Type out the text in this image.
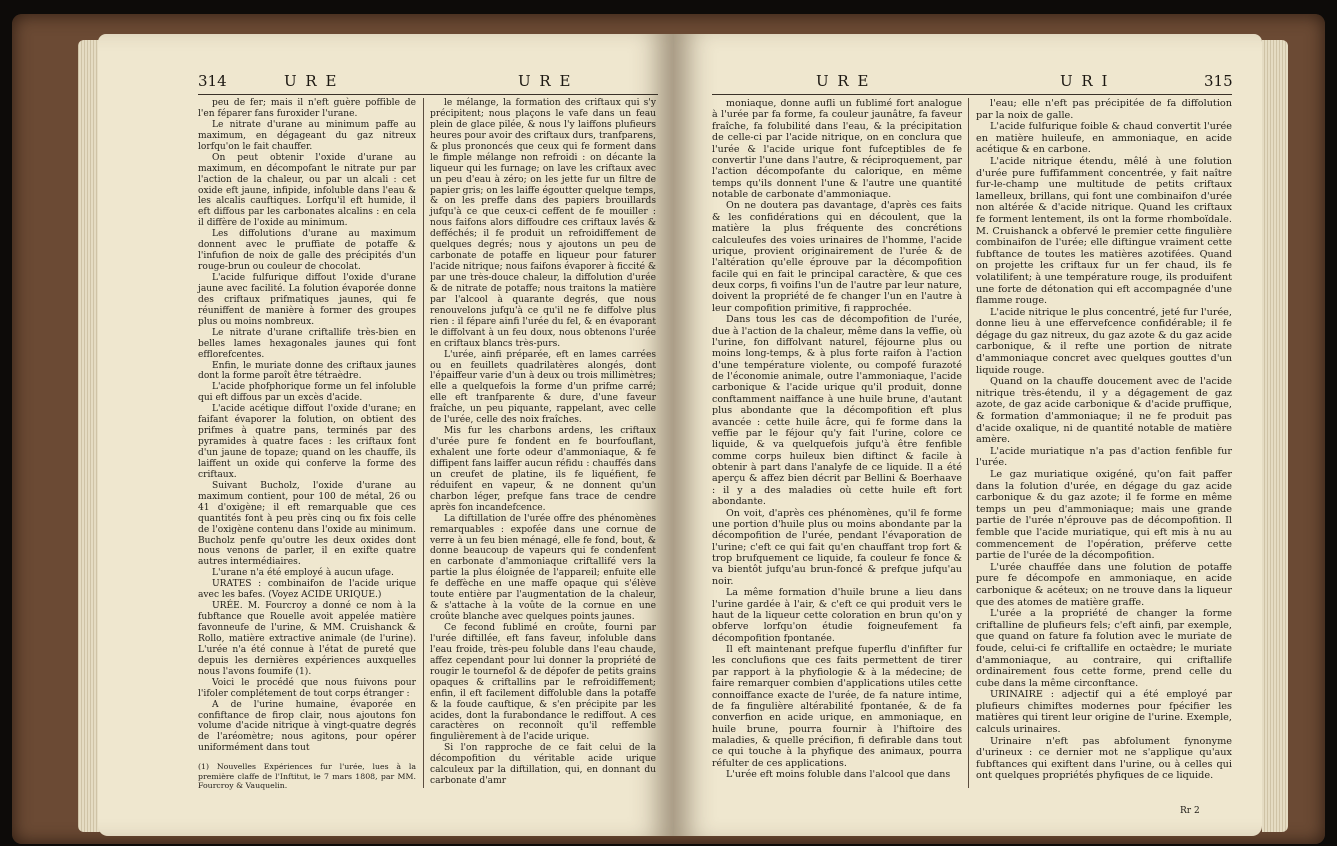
314	U R E	U R E

peu de fer; mais il n'eft guère poffible de l'en féparer fans furoxider l'urane.

Le nitrate d'urane au minimum paffe au maximum, en dégageant du gaz nitreux lorfqu'on le fait chauffer.

On peut obtenir l'oxide d'urane au maximum, en décompofant le nitrate pur par l'action de la chaleur, ou par un alcali : cet oxide eft jaune, infipide, infoluble dans l'eau & les alcalis cauftiques. Lorfqu'il eft humide, il eft diffous par les carbonates alcalins : en cela il diffère de l'oxide au minimum.

Les diffolutions d'urane au maximum donnent avec le pruffiate de potaffe & l'infufion de noix de galle des précipités d'un rouge-brun ou couleur de chocolat.

L'acide fulfurique diffout l'oxide d'urane jaune avec facilité. La folution évaporée donne des criftaux prifmatiques jaunes, qui fe réuniffent de manière à former des groupes plus ou moins nombreux.

Le nitrate d'urane criftallife très-bien en belles lames hexagonales jaunes qui font efflorefcentes.

Enfin, le muriate donne des criftaux jaunes dont la forme paroît être tétraèdre.

L'acide phofphorique forme un fel infoluble qui eft diffous par un excès d'acide.

L'acide acétique diffout l'oxide d'urane; en faifant évaporer la folution, on obtient des prifmes à quatre pans, terminés par des pyramides à quatre faces : les criftaux font d'un jaune de topaze; quand on les chauffe, ils laiffent un oxide qui conferve la forme des criftaux.

Suivant Bucholz, l'oxide d'urane au maximum contient, pour 100 de métal, 26 ou 41 d'oxigène; il eft remarquable que ces quantités font à peu près cinq ou fix fois celle de l'oxigène contenu dans l'oxide au minimum. Bucholz penfe qu'outre les deux oxides dont nous venons de parler, il en exifte quatre autres intermédiaires.

L'urane n'a été employé à aucun ufage.

URATES : combinaifon de l'acide urique avec les bafes. (Voyez ACIDE URIQUE.)

URÉE. M. Fourcroy a donné ce nom à la fubftance que Rouelle avoit appelée matière favonneufe de l'urine, & MM. Cruishanck & Rollo, matière extractive animale (de l'urine). L'urée n'a été connue à l'état de pureté que depuis les dernières expériences auxquelles nous l'avons foumife (1).

Voici le procédé que nous fuivons pour l'ifoler complétement de tout corps étranger :

A de l'urine humaine, évaporée en confiftance de firop clair, nous ajoutons fon volume d'acide nitrique à vingt-quatre degrés de l'aréomètre; nous agitons, pour opérer uniformément dans tout

(1) Nouvelles Expériences fur l'urée, lues à la première claffe de l'Inftitut, le 7 mars 1808, par MM. Fourcroy & Vauquelin.

le mélange, la formation des criftaux qui s'y précipitent; nous plaçons le vafe dans un feau plein de glace pilée, & nous l'y laiffons plufieurs heures pour avoir des criftaux durs, tranfparens, & plus prononcés que ceux qui fe forment dans le fimple mélange non refroidi : on décante la liqueur qui les furnage; on lave les criftaux avec un peu d'eau à zéro; on les jette fur un filtre de papier gris; on les laiffe égoutter quelque temps, & on les preffe dans des papiers brouillards jufqu'à ce que ceux-ci ceffent de fe mouiller : nous faifons alors diffoudre ces criftaux lavés & defféchés; il fe produit un refroidiffement de quelques degrés; nous y ajoutons un peu de carbonate de potaffe en liqueur pour faturer l'acide nitrique; nous faifons évaporer à ficcité & par une très-douce chaleur, la diffolution d'urée & de nitrate de potaffe; nous traitons la matière par l'alcool à quarante degrés, que nous renouvelons jufqu'à ce qu'il ne fe diffolve plus rien : il fépare ainfi l'urée du fel, & en évaporant le diffolvant à un feu doux, nous obtenons l'urée en criftaux blancs très-purs.

L'urée, ainfi préparée, eft en lames carrées ou en feuillets quadrilatères alongés, dont l'épaiffeur varie d'un à deux ou trois millimètres; elle a quelquefois la forme d'un prifme carré; elle eft tranfparente & dure, d'une faveur fraîche, un peu piquante, rappelant, avec celle de l'urée, celle des noix fraîches.

Mis fur les charbons ardens, les criftaux d'urée pure fe fondent en fe bourfouflant, exhalent une forte odeur d'ammoniaque, & fe diffipent fans laiffer aucun réfidu : chauffés dans un creufet de platine, ils fe liquéfient, fe réduifent en vapeur, & ne donnent qu'un charbon léger, prefque fans trace de cendre après fon incandefcence.

La diftillation de l'urée offre des phénomènes remarquables : expofée dans une cornue de verre à un feu bien ménagé, elle fe fond, bout, & donne beaucoup de vapeurs qui fe condenfent en carbonate d'ammoniaque criftallifé vers la partie la plus éloignée de l'appareil; enfuite elle fe deffèche en une maffe opaque qui s'élève toute entière par l'augmentation de la chaleur, & s'attache à la voûte de la cornue en une croûte blanche avec quelques points jaunes.

Ce fecond fublimé en croûte, fourni par l'urée diftillée, eft fans faveur, infoluble dans l'eau froide, très-peu foluble dans l'eau chaude, affez cependant pour lui donner la propriété de rougir le tournefol & de dépofer de petits grains opaques & criftallins par le refroidiffement; enfin, il eft facilement diffoluble dans la potaffe & la foude cauftique, & s'en précipite par les acides, dont la furabondance le rediffout. A ces caractères on reconnoît qu'il reffemble fingulièrement à de l'acide urique.

Si l'on rapproche de ce fait celui de la décompofition du véritable acide urique calculeux par la diftillation, qui, en donnant du carbonate d'amr

U R E	U R I	315

moniaque, donne aufli un fublimé fort analogue à l'urée par fa forme, fa couleur jaunâtre, fa faveur fraîche, fa folubilité dans l'eau, & la précipitation de celle-ci par l'acide nitrique, on en conclura que l'urée & l'acide urique font fufceptibles de fe convertir l'une dans l'autre, & réciproquement, par l'action décompofante du calorique, en même temps qu'ils donnent l'une & l'autre une quantité notable de carbonate d'ammoniaque.

On ne doutera pas davantage, d'après ces faits & les confidérations qui en découlent, que la matière la plus fréquente des concrétions calculeufes des voies urinaires de l'homme, l'acide urique, provient originairement de l'urée & de l'altération qu'elle éprouve par la décompofition facile qui en fait le principal caractère, & que ces deux corps, fi voifins l'un de l'autre par leur nature, doivent la propriété de fe changer l'un en l'autre à leur compofition primitive, fi rapprochée.

Dans tous les cas de décompofition de l'urée, due à l'action de la chaleur, même dans la veffie, où l'urine, fon diffolvant naturel, féjourne plus ou moins long-temps, & à plus forte raifon à l'action d'une température violente, ou compofé furazoté de l'économie animale, outre l'ammoniaque, l'acide carbonique & l'acide urique qu'il produit, donne conftamment naiffance à une huile brune, d'autant plus abondante que la décompofition eft plus avancée : cette huile âcre, qui fe forme dans la veffie par le féjour qu'y fait l'urine, colore ce liquide, & va quelquefois jufqu'à être fenfible comme corps huileux bien diftinct & facile à obtenir à part dans l'analyfe de ce liquide. Il a été aperçu & affez bien décrit par Bellini & Boerhaave : il y a des maladies où cette huile eft fort abondante.

On voit, d'après ces phénomènes, qu'il fe forme une portion d'huile plus ou moins abondante par la décompofition de l'urée, pendant l'évaporation de l'urine; c'eft ce qui fait qu'en chauffant trop fort & trop brufquement ce liquide, fa couleur fe fonce & va bientôt jufqu'au brun-foncé & prefque jufqu'au noir.

La même formation d'huile brune a lieu dans l'urine gardée à l'air, & c'eft ce qui produit vers le haut de la liqueur cette coloration en brun qu'on y obferve lorfqu'on étudie foigneufement fa décompofition fpontanée.

Il eft maintenant prefque fuperflu d'infifter fur les conclufions que ces faits permettent de tirer par rapport à la phyfiologie & à la médecine; de faire remarquer combien d'applications utiles cette connoiffance exacte de l'urée, de fa nature intime, de fa fingulière altérabilité fpontanée, & de fa converfion en acide urique, en ammoniaque, en huile brune, pourra fournir à l'hiftoire des maladies, & quelle précifion, fi defirable dans tout ce qui touche à la phyfique des animaux, pourra réfulter de ces applications.

L'urée eft moins foluble dans l'alcool que dans

l'eau; elle n'eft pas précipitée de fa diffolution par la noix de galle.

L'acide fulfurique foible & chaud convertit l'urée en matière huileufe, en ammoniaque, en acide acétique & en carbone.

L'acide nitrique étendu, mêlé à une folution d'urée pure fuffifamment concentrée, y fait naître fur-le-champ une multitude de petits criftaux lamelleux, brillans, qui font une combinaifon d'urée non altérée & d'acide nitrique. Quand les criftaux fe forment lentement, ils ont la forme rhomboïdale. M. Cruishanck a obfervé le premier cette fingulière combinaifon de l'urée; elle diftingue vraiment cette fubftance de toutes les matières azotifées. Quand on projette les criftaux fur un fer chaud, ils fe volatilifent; à une température rouge, ils produifent une forte de détonation qui eft accompagnée d'une flamme rouge.

L'acide nitrique le plus concentré, jeté fur l'urée, donne lieu à une effervefcence confidérable; il fe dégage du gaz nitreux, du gaz azote & du gaz acide carbonique, & il refte une portion de nitrate d'ammoniaque concret avec quelques gouttes d'un liquide rouge.

Quand on la chauffe doucement avec de l'acide nitrique très-étendu, il y a dégagement de gaz azote, de gaz acide carbonique & d'acide pruffique, & formation d'ammoniaque; il ne fe produit pas d'acide oxalique, ni de quantité notable de matière amère.

L'acide muriatique n'a pas d'action fenfible fur l'urée.

Le gaz muriatique oxigéné, qu'on fait paffer dans la folution d'urée, en dégage du gaz acide carbonique & du gaz azote; il fe forme en même temps un peu d'ammoniaque; mais une grande partie de l'urée n'éprouve pas de décompofition. Il femble que l'acide muriatique, qui eft mis à nu au commencement de l'opération, préferve cette partie de l'urée de la décompofition.

L'urée chauffée dans une folution de potaffe pure fe décompofe en ammoniaque, en acide carbonique & acéteux; on ne trouve dans la liqueur que des atomes de matière graffe.

L'urée a la propriété de changer la forme criftalline de plufieurs fels; c'eft ainfi, par exemple, que quand on fature fa folution avec le muriate de foude, celui-ci fe criftallife en octaèdre; le muriate d'ammoniaque, au contraire, qui criftallife ordinairement fous cette forme, prend celle du cube dans la même circonftance.

URINAIRE : adjectif qui a été employé par plufieurs chimiftes modernes pour fpécifier les matières qui tirent leur origine de l'urine. Exemple, calculs urinaires.

Urinaire n'eft pas abfolument fynonyme d'urineux : ce dernier mot ne s'applique qu'aux fubftances qui exiftent dans l'urine, ou à celles qui ont quelques propriétés phyfiques de ce liquide.

Rr 2
